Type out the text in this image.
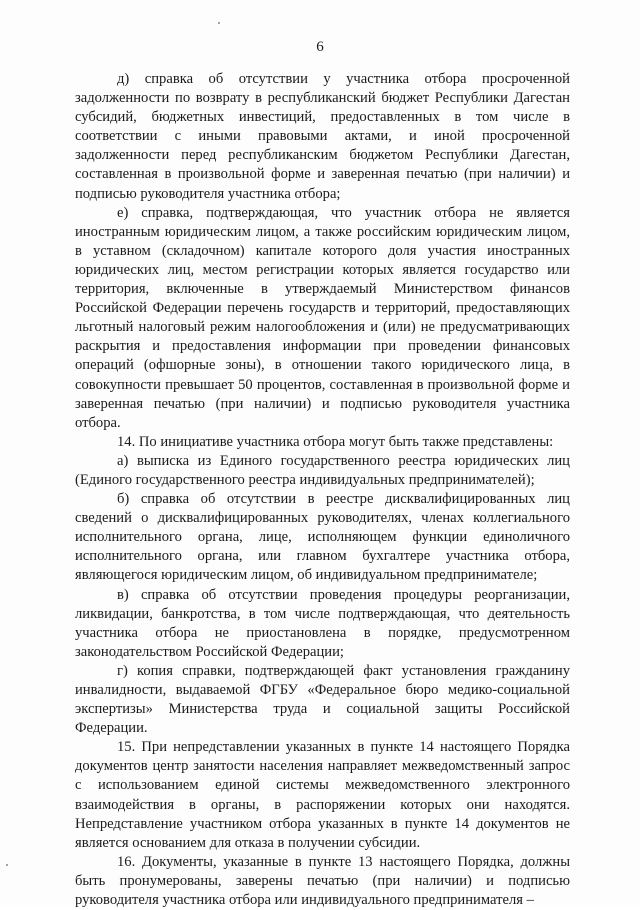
6

д) справка об отсутствии у участника отбора просроченной задолженности по возврату в республиканский бюджет Республики Дагестан субсидий, бюджетных инвестиций, предоставленных в том числе в соответствии с иными правовыми актами, и иной просроченной задолженности перед республиканским бюджетом Республики Дагестан, составленная в произвольной форме и заверенная печатью (при наличии) и подписью руководителя участника отбора;

е) справка, подтверждающая, что участник отбора не является иностранным юридическим лицом, а также российским юридическим лицом, в уставном (складочном) капитале которого доля участия иностранных юридических лиц, местом регистрации которых является государство или территория, включенные в утверждаемый Министерством финансов Российской Федерации перечень государств и территорий, предоставляющих льготный налоговый режим налогообложения и (или) не предусматривающих раскрытия и предоставления информации при проведении финансовых операций (офшорные зоны), в отношении такого юридического лица, в совокупности превышает 50 процентов, составленная в произвольной форме и заверенная печатью (при наличии) и подписью руководителя участника отбора.

14. По инициативе участника отбора могут быть также представлены:

а) выписка из Единого государственного реестра юридических лиц (Единого государственного реестра индивидуальных предпринимателей);

б) справка об отсутствии в реестре дисквалифицированных лиц сведений о дисквалифицированных руководителях, членах коллегиального исполнительного органа, лице, исполняющем функции единоличного исполнительного органа, или главном бухгалтере участника отбора, являющегося юридическим лицом, об индивидуальном предпринимателе;

в) справка об отсутствии проведения процедуры реорганизации, ликвидации, банкротства, в том числе подтверждающая, что деятельность участника отбора не приостановлена в порядке, предусмотренном законодательством Российской Федерации;

г) копия справки, подтверждающей факт установления гражданину инвалидности, выдаваемой ФГБУ «Федеральное бюро медико-социальной экспертизы» Министерства труда и социальной защиты Российской Федерации.

15. При непредставлении указанных в пункте 14 настоящего Порядка документов центр занятости населения направляет межведомственный запрос с использованием единой системы межведомственного электронного взаимодействия в органы, в распоряжении которых они находятся. Непредставление участником отбора указанных в пункте 14 документов не является основанием для отказа в получении субсидии.

16. Документы, указанные в пункте 13 настоящего Порядка, должны быть пронумерованы, заверены печатью (при наличии) и подписью руководителя участника отбора или индивидуального предпринимателя –
